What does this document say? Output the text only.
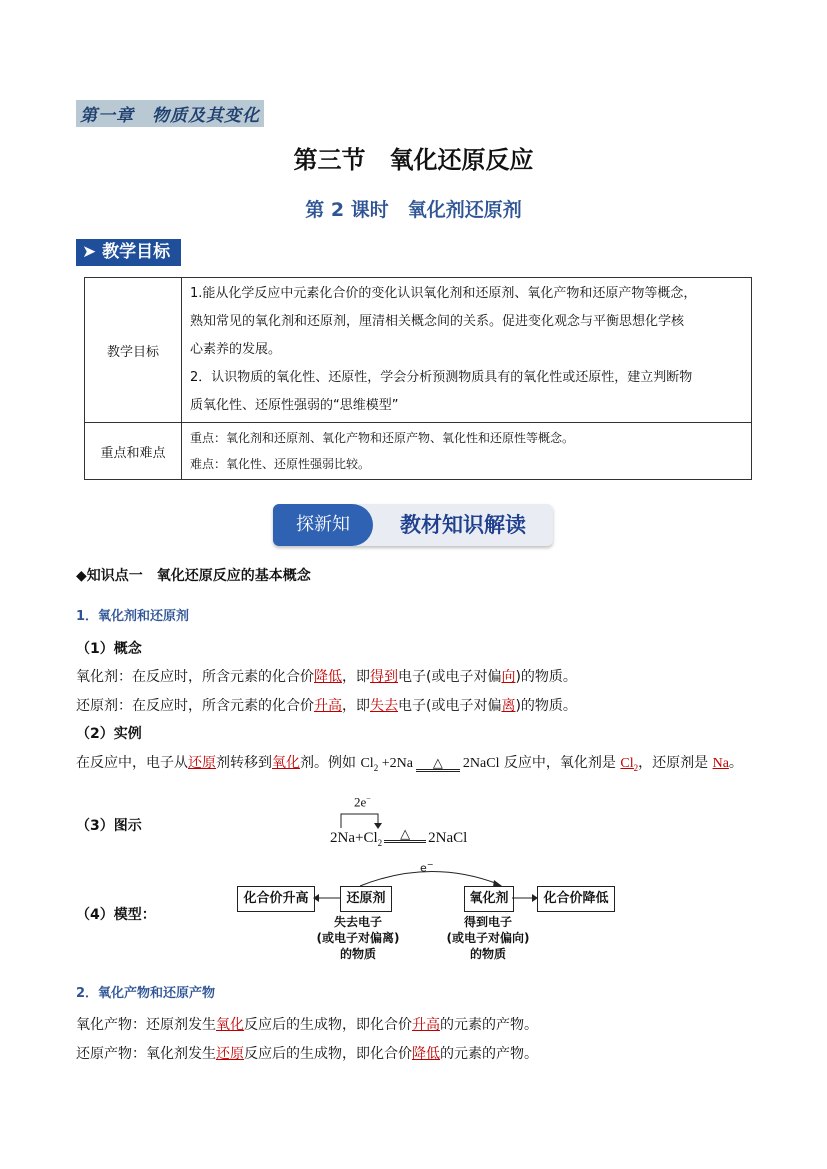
第一章　物质及其变化
第三节　氧化还原反应
第 2 课时　氧化剂还原剂
➤ 教学目标
教学目标	1.能从化学反应中元素化合价的变化认识氧化剂和还原剂、氧化产物和还原产物等概念，
熟知常见的氧化剂和还原剂，厘清相关概念间的关系。促进变化观念与平衡思想化学核
心素养的发展。
2．认识物质的氧化性、还原性，学会分析预测物质具有的氧化性或还原性，建立判断物
质氧化性、还原性强弱的“思维模型”

重点和难点	重点：氧化剂和还原剂、氧化产物和还原产物、氧化性和还原性等概念。
难点：氧化性、还原性强弱比较。
探新知	教材知识解读
◆知识点一　氧化还原反应的基本概念
1．氧化剂和还原剂
（1）概念
氧化剂：在反应时，所含元素的化合价降低，即得到电子(或电子对偏向)的物质。
还原剂：在反应时，所含元素的化合价升高，即失去电子(或电子对偏离)的物质。
（2）实例
在反应中，电子从还原剂转移到氧化剂。例如 $Cl_2 +2Na$ △ 2NaCl 反应中，氧化剂是 $Cl_2$，还原剂是 Na。
（3）图示
2e−
$2Na+Cl_2\triangle$ 2NaCl
（4）模型：
e−
化合价升高	还原剂	氧化剂	化合价降低
失去电子
(或电子对偏离)
的物质
得到电子
(或电子对偏向)
的物质
2．氧化产物和还原产物
氧化产物：还原剂发生氧化反应后的生成物，即化合价升高的元素的产物。
还原产物：氧化剂发生还原反应后的生成物，即化合价降低的元素的产物。
